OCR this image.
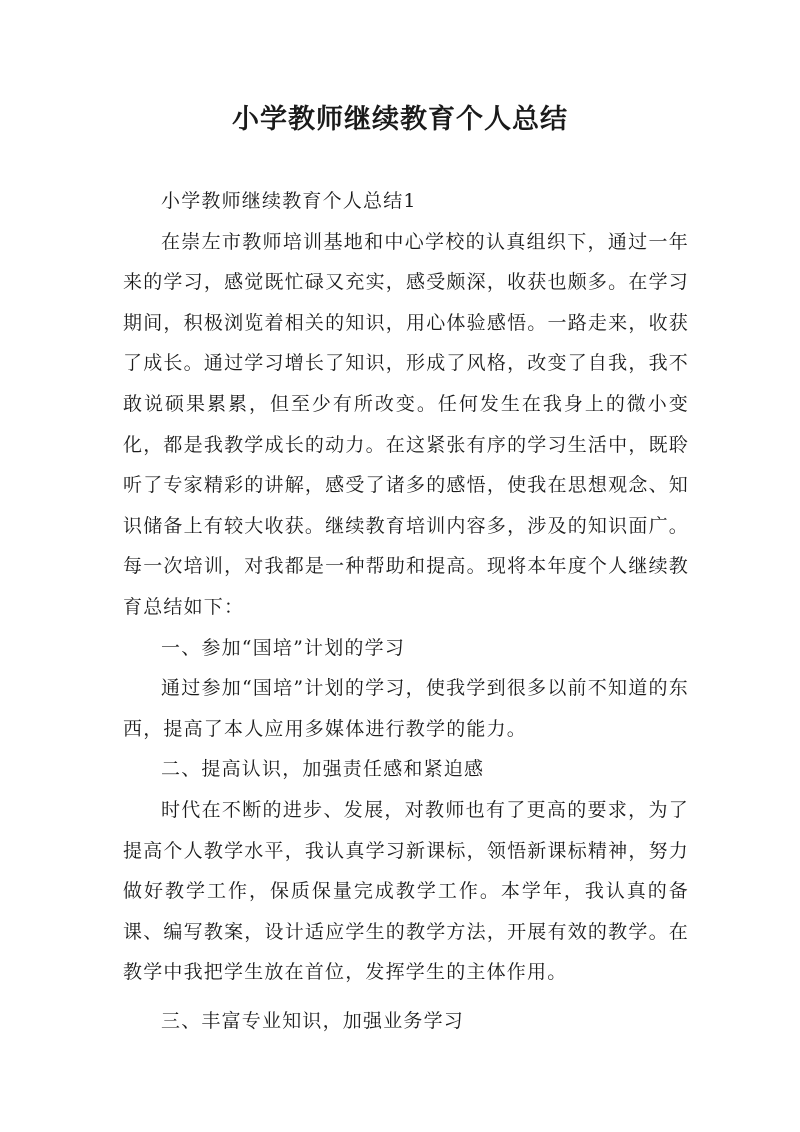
小学教师继续教育个人总结

小学教师继续教育个人总结1

在崇左市教师培训基地和中心学校的认真组织下，通过一年来的学习，感觉既忙碌又充实，感受颇深，收获也颇多。在学习期间，积极浏览着相关的知识，用心体验感悟。一路走来，收获了成长。通过学习增长了知识，形成了风格，改变了自我，我不敢说硕果累累，但至少有所改变。任何发生在我身上的微小变化，都是我教学成长的动力。在这紧张有序的学习生活中，既聆听了专家精彩的讲解，感受了诸多的感悟，使我在思想观念、知识储备上有较大收获。继续教育培训内容多，涉及的知识面广。每一次培训，对我都是一种帮助和提高。现将本年度个人继续教育总结如下：

一、参加“国培”计划的学习

通过参加“国培”计划的学习，使我学到很多以前不知道的东西，提高了本人应用多媒体进行教学的能力。

二、提高认识，加强责任感和紧迫感

时代在不断的进步、发展，对教师也有了更高的要求，为了提高个人教学水平，我认真学习新课标，领悟新课标精神，努力做好教学工作，保质保量完成教学工作。本学年，我认真的备课、编写教案，设计适应学生的教学方法，开展有效的教学。在教学中我把学生放在首位，发挥学生的主体作用。

三、丰富专业知识，加强业务学习
